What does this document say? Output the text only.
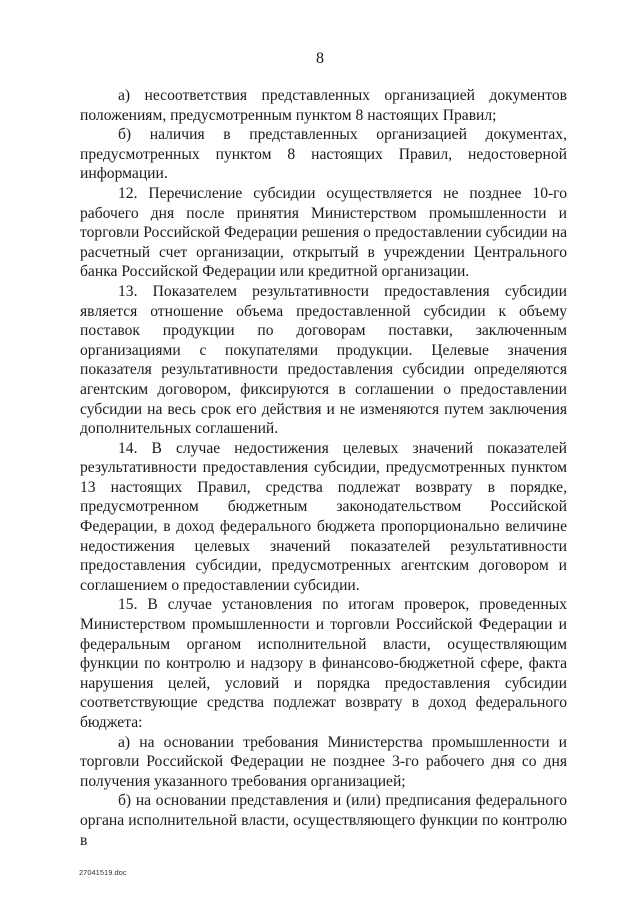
8

а) несоответствия представленных организацией документов положениям, предусмотренным пунктом 8 настоящих Правил;

б) наличия в представленных организацией документах, предусмотренных пунктом 8 настоящих Правил, недостоверной информации.

12. Перечисление субсидии осуществляется не позднее 10-го рабочего дня после принятия Министерством промышленности и торговли Российской Федерации решения о предоставлении субсидии на расчетный счет организации, открытый в учреждении Центрального банка Российской Федерации или кредитной организации.

13. Показателем результативности предоставления субсидии является отношение объема предоставленной субсидии к объему поставок продукции по договорам поставки, заключенным организациями с покупателями продукции. Целевые значения показателя результативности предоставления субсидии определяются агентским договором, фиксируются в соглашении о предоставлении субсидии на весь срок его действия и не изменяются путем заключения дополнительных соглашений.

14. В случае недостижения целевых значений показателей результативности предоставления субсидии, предусмотренных пунктом 13 настоящих Правил, средства подлежат возврату в порядке, предусмотренном бюджетным законодательством Российской Федерации, в доход федерального бюджета пропорционально величине недостижения целевых значений показателей результативности предоставления субсидии, предусмотренных агентским договором и соглашением о предоставлении субсидии.

15. В случае установления по итогам проверок, проведенных Министерством промышленности и торговли Российской Федерации и федеральным органом исполнительной власти, осуществляющим функции по контролю и надзору в финансово-бюджетной сфере, факта нарушения целей, условий и порядка предоставления субсидии соответствующие средства подлежат возврату в доход федерального бюджета:

а) на основании требования Министерства промышленности и торговли Российской Федерации не позднее 3-го рабочего дня со дня получения указанного требования организацией;

б) на основании представления и (или) предписания федерального органа исполнительной власти, осуществляющего функции по контролю в

27041519.doc
